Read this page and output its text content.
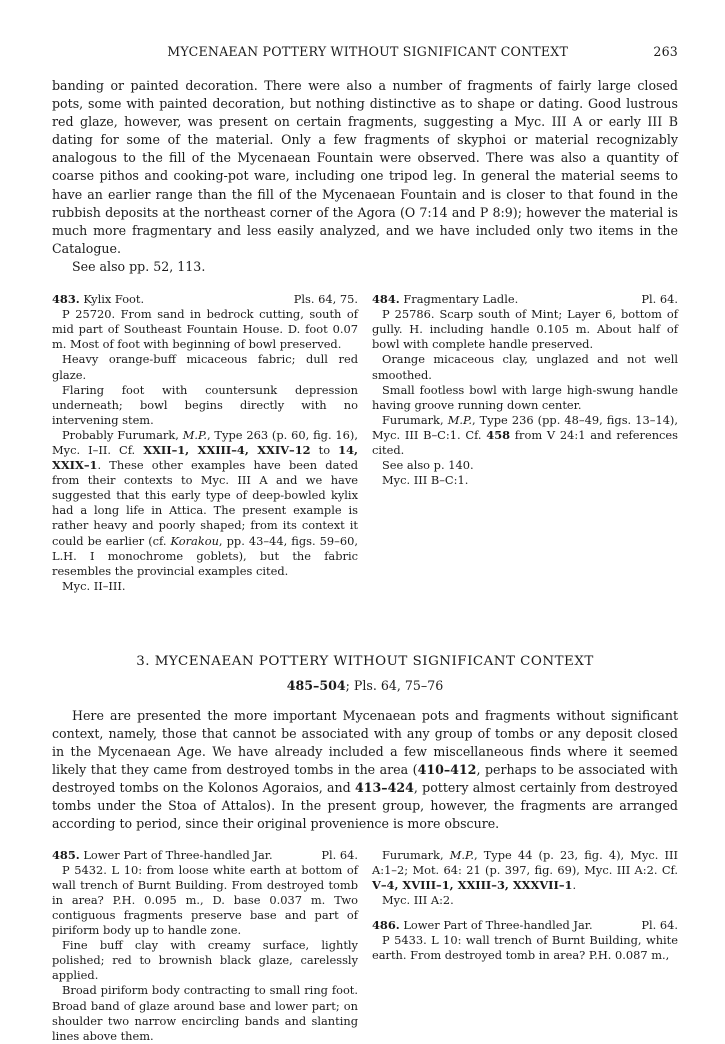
MYCENAEAN POTTERY WITHOUT SIGNIFICANT CONTEXT	263

banding or painted decoration. There were also a number of fragments of fairly large closed pots, some with painted decoration, but nothing distinctive as to shape or dating. Good lustrous red glaze, however, was present on certain fragments, suggesting a Myc. III A or early III B dating for some of the material. Only a few fragments of skyphoi or material recognizably analogous to the fill of the Mycenaean Fountain were observed. There was also a quantity of coarse pithos and cooking-pot ware, including one tripod leg. In general the material seems to have an earlier range than the fill of the Mycenaean Fountain and is closer to that found in the rubbish deposits at the northeast corner of the Agora (O 7:14 and P 8:9); however the material is much more fragmentary and less easily analyzed, and we have included only two items in the Catalogue.

See also pp. 52, 113.

483. Kylix Foot.	Pls. 64, 75.

P 25720. From sand in bedrock cutting, south of mid part of Southeast Fountain House. D. foot 0.07 m. Most of foot with beginning of bowl preserved.

Heavy orange-buff micaceous fabric; dull red glaze.

Flaring foot with countersunk depression underneath; bowl begins directly with no intervening stem.

Probably Furumark, M.P., Type 263 (p. 60, fig. 16), Myc. I–II. Cf. XXII–1, XXIII–4, XXIV–12 to 14, XXIX–1. These other examples have been dated from their contexts to Myc. III A and we have suggested that this early type of deep-bowled kylix had a long life in Attica. The present example is rather heavy and poorly shaped; from its context it could be earlier (cf. Korakou, pp. 43–44, figs. 59–60, L.H. I monochrome goblets), but the fabric resembles the provincial examples cited.

Myc. II–III.

484. Fragmentary Ladle.	Pl. 64.

P 25786. Scarp south of Mint; Layer 6, bottom of gully. H. including handle 0.105 m. About half of bowl with complete handle preserved.

Orange micaceous clay, unglazed and not well smoothed.

Small footless bowl with large high-swung handle having groove running down center.

Furumark, M.P., Type 236 (pp. 48–49, figs. 13–14), Myc. III B–C:1. Cf. 458 from V 24:1 and references cited.

See also p. 140.

Myc. III B–C:1.

3. MYCENAEAN POTTERY WITHOUT SIGNIFICANT CONTEXT

485–504; Pls. 64, 75–76

Here are presented the more important Mycenaean pots and fragments without significant context, namely, those that cannot be associated with any group of tombs or any deposit closed in the Mycenaean Age. We have already included a few miscellaneous finds where it seemed likely that they came from destroyed tombs in the area (410–412, perhaps to be associated with destroyed tombs on the Kolonos Agoraios, and 413–424, pottery almost certainly from destroyed tombs under the Stoa of Attalos). In the present group, however, the fragments are arranged according to period, since their original provenience is more obscure.

485. Lower Part of Three-handled Jar.	Pl. 64.

P 5432. L 10: from loose white earth at bottom of wall trench of Burnt Building. From destroyed tomb in area? P.H. 0.095 m., D. base 0.037 m. Two contiguous fragments preserve base and part of piriform body up to handle zone.

Fine buff clay with creamy surface, lightly polished; red to brownish black glaze, carelessly applied.

Broad piriform body contracting to small ring foot. Broad band of glaze around base and lower part; on shoulder two narrow encircling bands and slanting lines above them.

Furumark, M.P., Type 44 (p. 23, fig. 4), Myc. III A:1–2; Mot. 64: 21 (p. 397, fig. 69), Myc. III A:2. Cf. V–4, XVIII–1, XXIII–3, XXXVII–1.

Myc. III A:2.

486. Lower Part of Three-handled Jar.	Pl. 64.

P 5433. L 10: wall trench of Burnt Building, white earth. From destroyed tomb in area? P.H. 0.087 m.,
